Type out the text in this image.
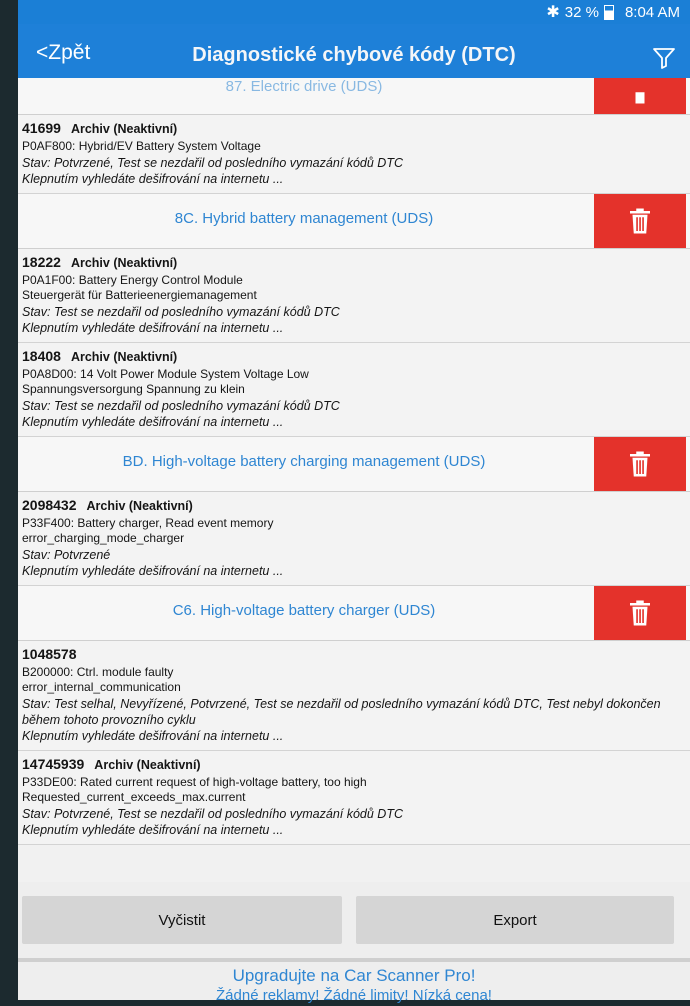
✱ 32 % 8:04 AM
<Zpět	Diagnostické chybové kódy (DTC)
87. Electric drive (UDS)
41699 Archiv (Neaktivní)
P0AF800: Hybrid/EV Battery System Voltage
Stav: Potvrzené, Test se nezdařil od posledního vymazání kódů DTC
Klepnutím vyhledáte dešifrování na internetu ...
8C. Hybrid battery management (UDS)
18222 Archiv (Neaktivní)
P0A1F00: Battery Energy Control Module
Steuergerät für Batterieenergiemanagement
Stav: Test se nezdařil od posledního vymazání kódů DTC
Klepnutím vyhledáte dešifrování na internetu ...
18408 Archiv (Neaktivní)
P0A8D00: 14 Volt Power Module System Voltage Low
Spannungsversorgung Spannung zu klein
Stav: Test se nezdařil od posledního vymazání kódů DTC
Klepnutím vyhledáte dešifrování na internetu ...
BD. High-voltage battery charging management (UDS)
2098432 Archiv (Neaktivní)
P33F400: Battery charger, Read event memory
error_charging_mode_charger
Stav: Potvrzené
Klepnutím vyhledáte dešifrování na internetu ...
C6. High-voltage battery charger (UDS)
1048578
B200000: Ctrl. module faulty
error_internal_communication
Stav: Test selhal, Nevyřízené, Potvrzené, Test se nezdařil od posledního vymazání kódů DTC, Test nebyl dokončen během tohoto provozního cyklu
Klepnutím vyhledáte dešifrování na internetu ...
14745939 Archiv (Neaktivní)
P33DE00: Rated current request of high-voltage battery, too high
Requested_current_exceeds_max.current
Stav: Potvrzené, Test se nezdařil od posledního vymazání kódů DTC
Klepnutím vyhledáte dešifrování na internetu ...
Vyčistit	Export
Upgradujte na Car Scanner Pro!
Žádné reklamy! Žádné limity! Nízká cena!
